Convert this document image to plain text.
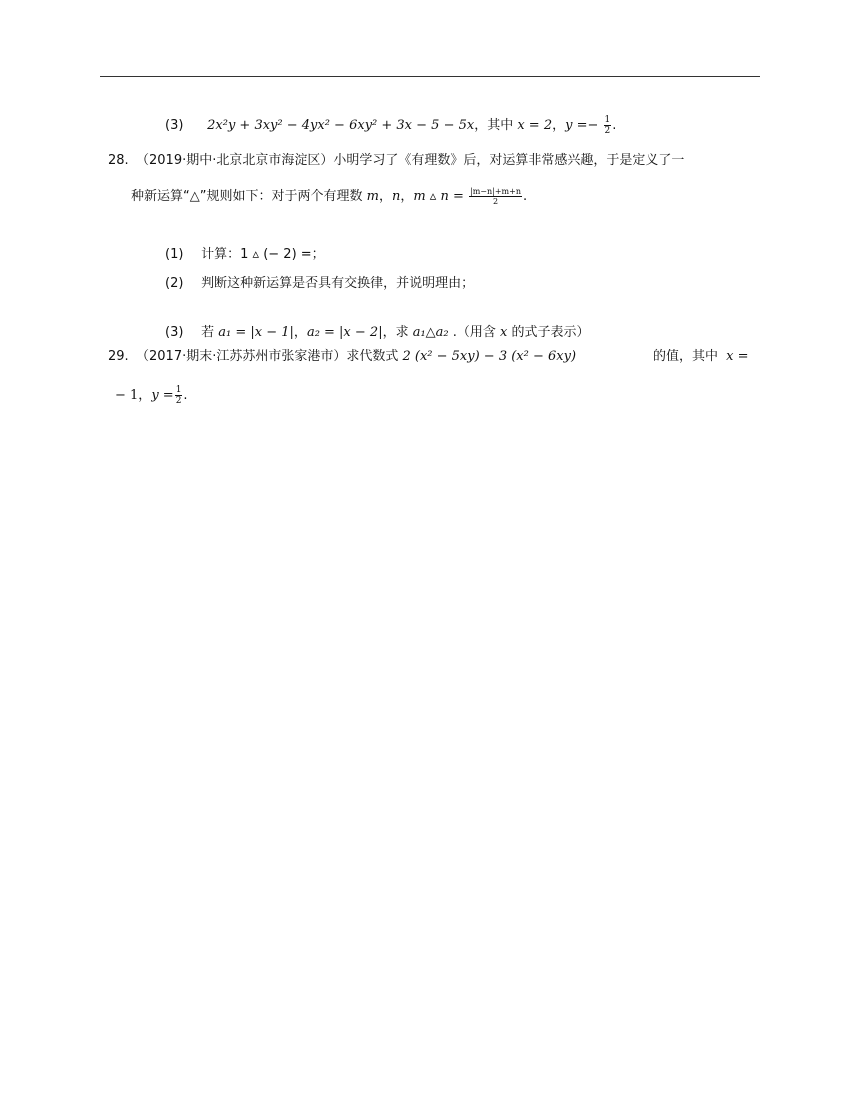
(3) 2x²y + 3xy² − 4yx² − 6xy² + 3x − 5 − 5x，其中 x = 2，$y =- \frac{1}{2}$ .
28. （2019·期中·北京北京市海淀区）小明学习了《有理数》后，对运算非常感兴趣，于是定义了一
种新运算“△”规则如下：对于两个有理数 m，n，m ▵ $n = \frac{|m-n|+m+n}{2}$ .
(1) 计算：1 ▵ (− 2) =；
(2) 判断这种新运算是否具有交换律，并说明理由；
(3) 若 a₁ = |x − 1|，a₂ = |x − 2|，求 a₁△a₂ .（用含 x 的式子表示）
29. （2017·期末·江苏苏州市张家港市）求代数式 2 (x² − 5xy) − 3 (x² − 6xy)	的值，其中 x =
− 1，$y = \frac{1}{2}$ .
